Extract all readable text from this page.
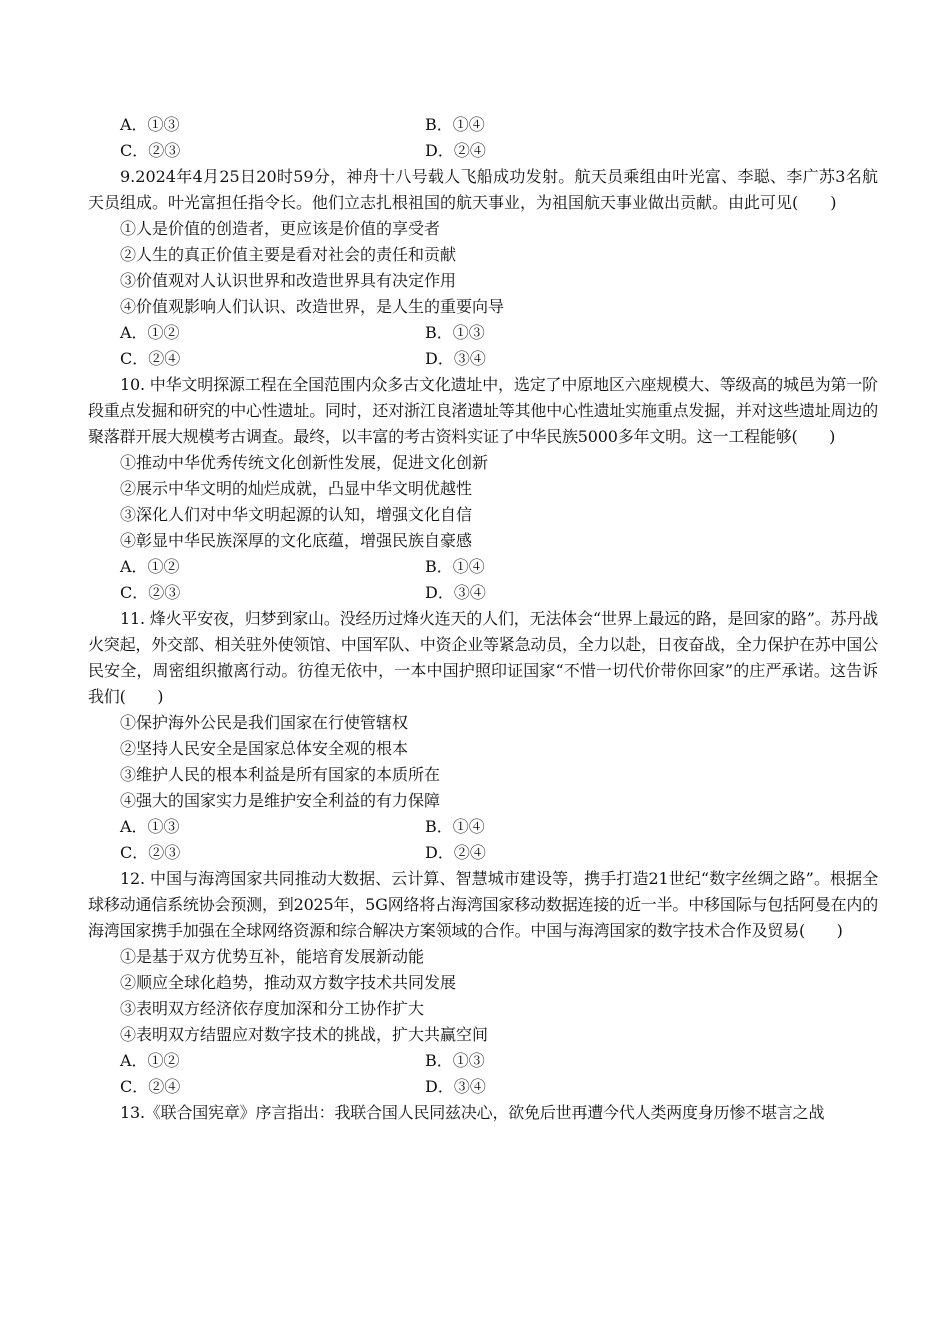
A．①③	B．①④
C．②③	D．②④
9.2024年4月25日20时59分，神舟十八号载人飞船成功发射。航天员乘组由叶光富、李聪、李广苏3名航天员组成。叶光富担任指令长。他们立志扎根祖国的航天事业，为祖国航天事业做出贡献。由此可见(　　)
①人是价值的创造者，更应该是价值的享受者
②人生的真正价值主要是看对社会的责任和贡献
③价值观对人认识世界和改造世界具有决定作用
④价值观影响人们认识、改造世界，是人生的重要向导
A．①②	B．①③
C．②④	D．③④
10. 中华文明探源工程在全国范围内众多古文化遗址中，选定了中原地区六座规模大、等级高的城邑为第一阶段重点发掘和研究的中心性遗址。同时，还对浙江良渚遗址等其他中心性遗址实施重点发掘，并对这些遗址周边的聚落群开展大规模考古调查。最终，以丰富的考古资料实证了中华民族5000多年文明。这一工程能够(　　)
①推动中华优秀传统文化创新性发展，促进文化创新
②展示中华文明的灿烂成就，凸显中华文明优越性
③深化人们对中华文明起源的认知，增强文化自信
④彰显中华民族深厚的文化底蕴，增强民族自豪感
A．①②	B．①④
C．②③	D．③④
11. 烽火平安夜，归梦到家山。没经历过烽火连天的人们，无法体会“世界上最远的路，是回家的路”。苏丹战火突起，外交部、相关驻外使领馆、中国军队、中资企业等紧急动员，全力以赴，日夜奋战，全力保护在苏中国公民安全，周密组织撤离行动。彷徨无依中，一本中国护照印证国家“不惜一切代价带你回家”的庄严承诺。这告诉我们(　　)
①保护海外公民是我们国家在行使管辖权
②坚持人民安全是国家总体安全观的根本
③维护人民的根本利益是所有国家的本质所在
④强大的国家实力是维护安全利益的有力保障
A．①③	B．①④
C．②③	D．②④
12. 中国与海湾国家共同推动大数据、云计算、智慧城市建设等，携手打造21世纪“数字丝绸之路”。根据全球移动通信系统协会预测，到2025年，5G网络将占海湾国家移动数据连接的近一半。中移国际与包括阿曼在内的海湾国家携手加强在全球网络资源和综合解决方案领域的合作。中国与海湾国家的数字技术合作及贸易(　　)
①是基于双方优势互补，能培育发展新动能
②顺应全球化趋势，推动双方数字技术共同发展
③表明双方经济依存度加深和分工协作扩大
④表明双方结盟应对数字技术的挑战，扩大共赢空间
A．①②	B．①③
C．②④	D．③④
13.《联合国宪章》序言指出：我联合国人民同兹决心，欲免后世再遭今代人类两度身历惨不堪言之战
